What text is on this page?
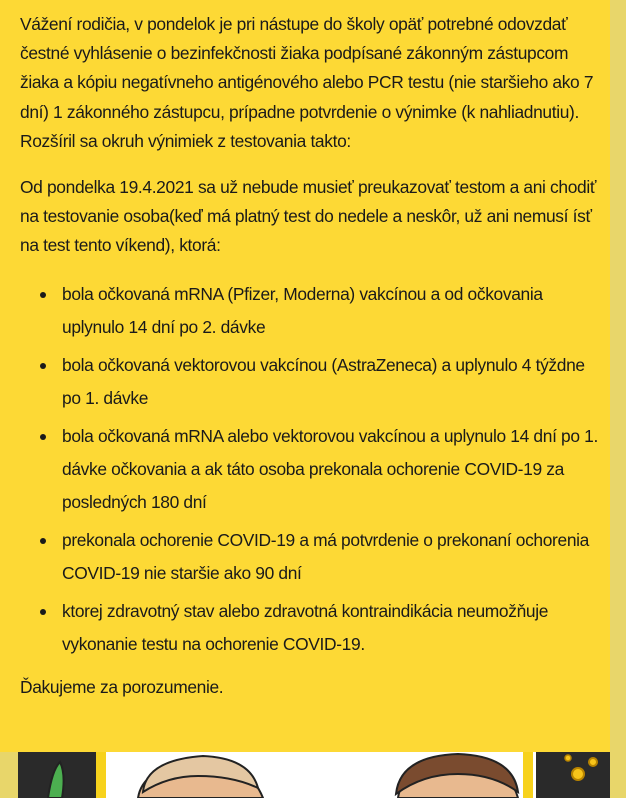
Vážení rodičia, v pondelok je pri nástupe do školy opäť potrebné odovzdať čestné vyhlásenie o bezinfekčnosti žiaka podpísané zákonným zástupcom žiaka a kópiu negatívneho antigénového alebo PCR testu (nie staršieho ako 7 dní) 1 zákonného zástupcu, prípadne potvrdenie o výnimke (k nahliadnutiu). Rozšíril sa okruh výnimiek z testovania takto:

Od pondelka 19.4.2021 sa už nebude musieť preukazovať testom a ani chodiť na testovanie osoba(keď má platný test do nedele a neskôr, už ani nemusí ísť na test tento víkend), ktorá:

bola očkovaná mRNA (Pfizer, Moderna) vakcínou a od očkovania uplynulo 14 dní po 2. dávke
bola očkovaná vektorovou vakcínou (AstraZeneca) a uplynulo 4 týždne po 1. dávke
bola očkovaná mRNA alebo vektorovou vakcínou a uplynulo 14 dní po 1. dávke očkovania a ak táto osoba prekonala ochorenie COVID-19 za posledných 180 dní
prekonala ochorenie COVID-19 a má potvrdenie o prekonaní ochorenia COVID-19 nie staršie ako 90 dní
ktorej zdravotný stav alebo zdravotná kontraindikácia neumožňuje vykonanie testu na ochorenie COVID-19.

Ďakujeme za porozumenie.
